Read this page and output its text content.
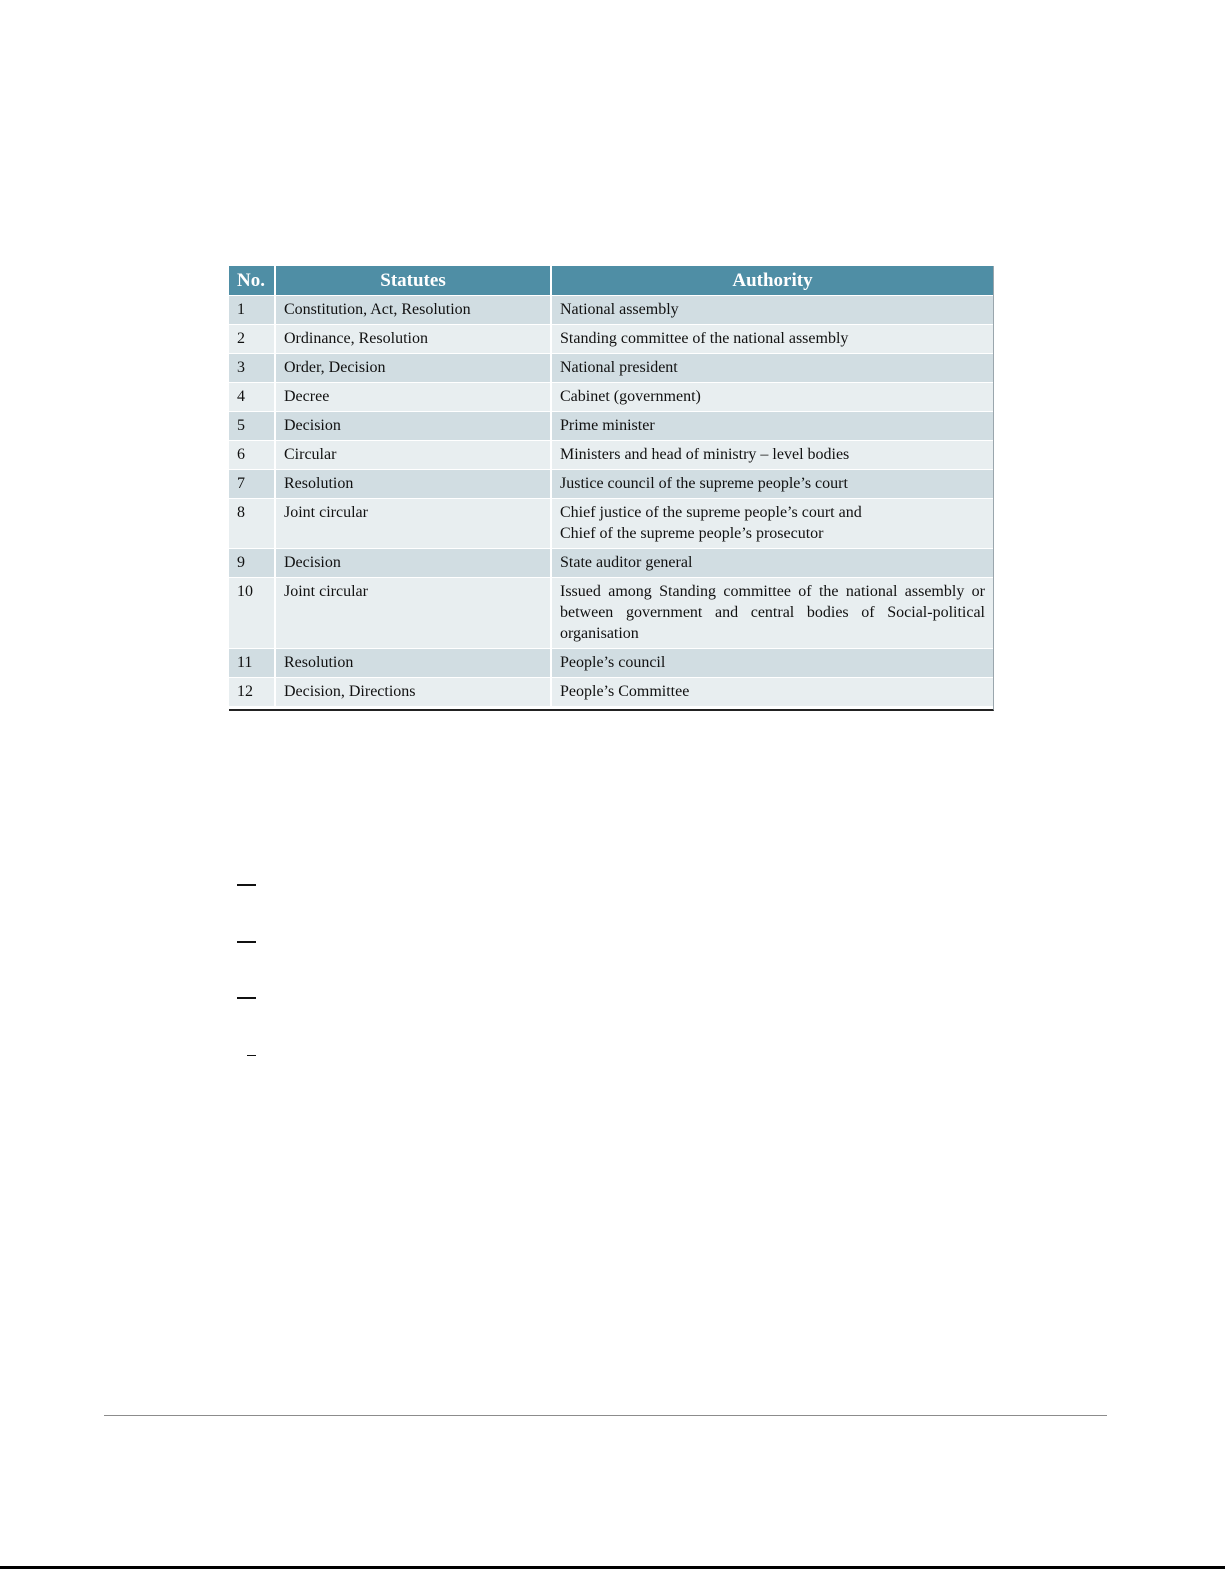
No.	Statutes	Authority
1	Constitution, Act, Resolution	National assembly
2	Ordinance, Resolution	Standing committee of the national assembly
3	Order, Decision	National president
4	Decree	Cabinet (government)
5	Decision	Prime minister
6	Circular	Ministers and head of ministry – level bodies
7	Resolution	Justice council of the supreme people’s court
8	Joint circular	Chief justice of the supreme people’s court and
Chief of the supreme people’s prosecutor

9	Decision	State auditor general
10	Joint circular	Issued among Standing committee of the national assembly or between government and central bodies of Social-political organisation
11	Resolution	People’s council
12	Decision, Directions	People’s Committee
